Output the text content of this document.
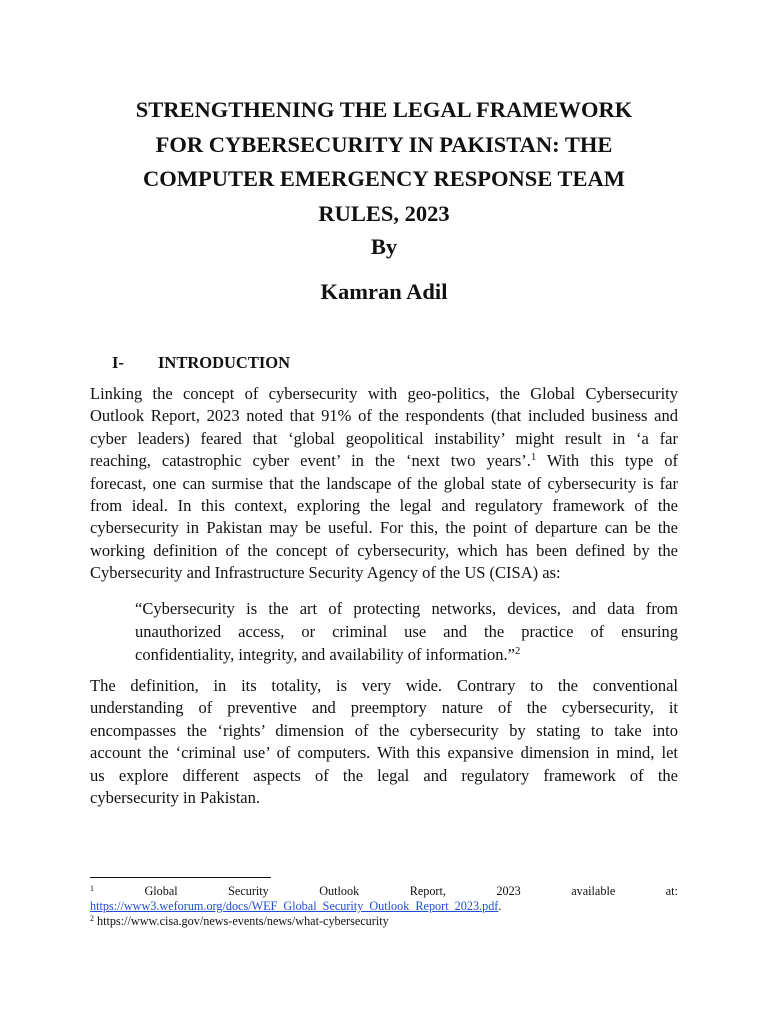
STRENGTHENING THE LEGAL FRAMEWORK
FOR CYBERSECURITY IN PAKISTAN: THE
COMPUTER EMERGENCY RESPONSE TEAM
RULES, 2023
By
Kamran Adil
I- INTRODUCTION
Linking the concept of cybersecurity with geo-politics, the Global Cybersecurity
Outlook Report, 2023 noted that 91% of the respondents (that included business and
cyber leaders) feared that ‘global geopolitical instability’ might result in ‘a far
reaching, catastrophic cyber event’ in the ‘next two years’.$^1$ With this type of
forecast, one can surmise that the landscape of the global state of cybersecurity is far
from ideal. In this context, exploring the legal and regulatory framework of the
cybersecurity in Pakistan may be useful. For this, the point of departure can be the
working definition of the concept of cybersecurity, which has been defined by the
Cybersecurity and Infrastructure Security Agency of the US (CISA) as:
“Cybersecurity is the art of protecting networks, devices, and data from
unauthorized access, or criminal use and the practice of ensuring
confidentiality, integrity, and availability of information.”$^2$
The definition, in its totality, is very wide. Contrary to the conventional
understanding of preventive and preemptory nature of the cybersecurity, it
encompasses the ‘rights’ dimension of the cybersecurity by stating to take into
account the ‘criminal use’ of computers. With this expansive dimension in mind, let
us explore different aspects of the legal and regulatory framework of the
cybersecurity in Pakistan.
$^1$	Global	Security	Outlook	Report,	2023	available	at:
https://www3.weforum.org/docs/WEF_Global_Security_Outlook_Report_2023.pdf.
$^2$ https://www.cisa.gov/news-events/news/what-cybersecurity
